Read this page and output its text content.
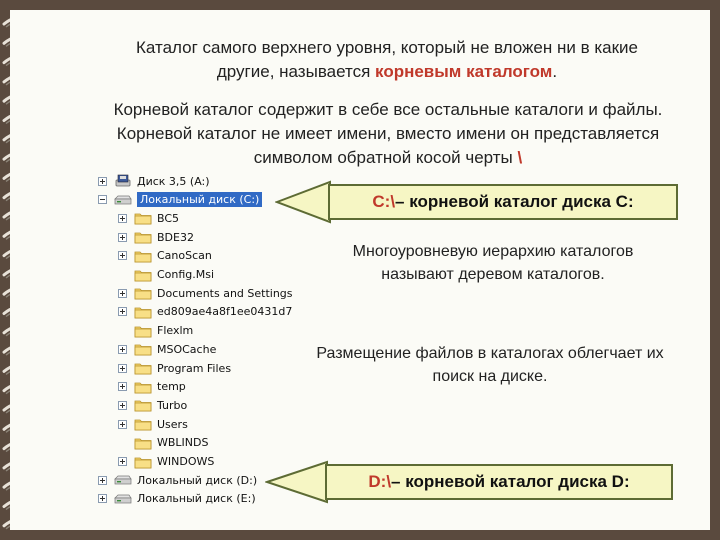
Каталог самого верхнего уровня, который не вложен ни в какие другие, называется корневым каталогом.
Корневой каталог содержит в себе все остальные каталоги и файлы. Корневой каталог не имеет имени, вместо имени он представляется символом обратной косой черты \
Диск 3,5 (A:)
Локальный диск (C:)
BC5
BDE32
CanoScan
Config.Msi
Documents and Settings
ed809ae4a8f1ee0431d7
Flexlm
MSOCache
Program Files
temp
Turbo
Users
WBLINDS
WINDOWS
Локальный диск (D:)
Локальный диск (E:)
C:\ – корневой каталог диска C:
Многоуровневую иерархию каталогов называют деревом каталогов.
Размещение файлов в каталогах облегчает их поиск на диске.
D:\ – корневой каталог диска D:
